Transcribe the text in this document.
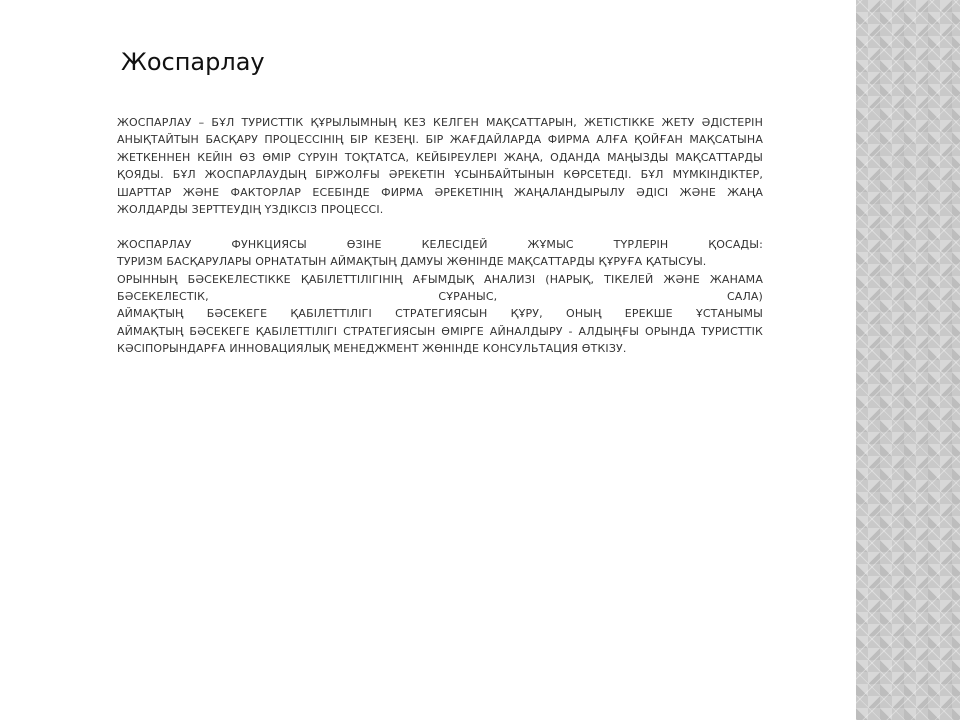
Жоспарлау

ЖОСПАРЛАУ – БҰЛ ТУРИСТТІК ҚҰРЫЛЫМНЫҢ КЕЗ КЕЛГЕН МАҚСАТТАРЫН, ЖЕТІСТІККЕ ЖЕТУ ӘДІСТЕРІН АНЫҚТАЙТЫН БАСҚАРУ ПРОЦЕССІНІҢ БІР КЕЗЕҢІ. БІР ЖАҒДАЙЛАРДА ФИРМА АЛҒА ҚОЙҒАН МАҚСАТЫНА ЖЕТКЕННЕН КЕЙІН ӨЗ ӨМІР СҮРУІН ТОҚТАТСА, КЕЙБІРЕУЛЕРІ ЖАҢА, ОДАНДА МАҢЫЗДЫ МАҚСАТТАРДЫ ҚОЯДЫ. БҰЛ ЖОСПАРЛАУДЫҢ БІРЖОЛҒЫ ӘРЕКЕТІН ҰСЫНБАЙТЫНЫН КӨРСЕТЕДІ. БҰЛ МҮМКІНДІКТЕР, ШАРТТАР ЖӘНЕ ФАКТОРЛАР ЕСЕБІНДЕ ФИРМА ӘРЕКЕТІНІҢ ЖАҢАЛАНДЫРЫЛУ ӘДІСІ ЖӘНЕ ЖАҢА ЖОЛДАРДЫ ЗЕРТТЕУДІҢ ҮЗДІКСІЗ ПРОЦЕССІ.

ЖОСПАРЛАУ ФУНКЦИЯСЫ ӨЗІНЕ КЕЛЕСІДЕЙ ЖҰМЫС ТҮРЛЕРІН ҚОСАДЫ:
ТУРИЗМ БАСҚАРУЛАРЫ ОРНАТАТЫН АЙМАҚТЫҢ ДАМУЫ ЖӨНІНДЕ МАҚСАТТАРДЫ ҚҰРУҒА ҚАТЫСУЫ.
ОРЫННЫҢ БӘСЕКЕЛЕСТІККЕ ҚАБІЛЕТТІЛІГІНІҢ АҒЫМДЫҚ АНАЛИЗІ (НАРЫҚ, ТІКЕЛЕЙ ЖӘНЕ ЖАНАМА
БӘСЕКЕЛЕСТІК, СҰРАНЫС, САЛА)
АЙМАҚТЫҢ БӘСЕКЕГЕ ҚАБІЛЕТТІЛІГІ СТРАТЕГИЯСЫН ҚҰРУ, ОНЫҢ ЕРЕКШЕ ҰСТАНЫМЫ

АЙМАҚТЫҢ БӘСЕКЕГЕ ҚАБІЛЕТТІЛІГІ СТРАТЕГИЯСЫН ӨМІРГЕ АЙНАЛДЫРУ - АЛДЫҢҒЫ ОРЫНДА ТУРИСТТІК КӘСІПОРЫНДАРҒА ИННОВАЦИЯЛЫҚ МЕНЕДЖМЕНТ ЖӨНІНДЕ КОНСУЛЬТАЦИЯ ӨТКІЗУ.
